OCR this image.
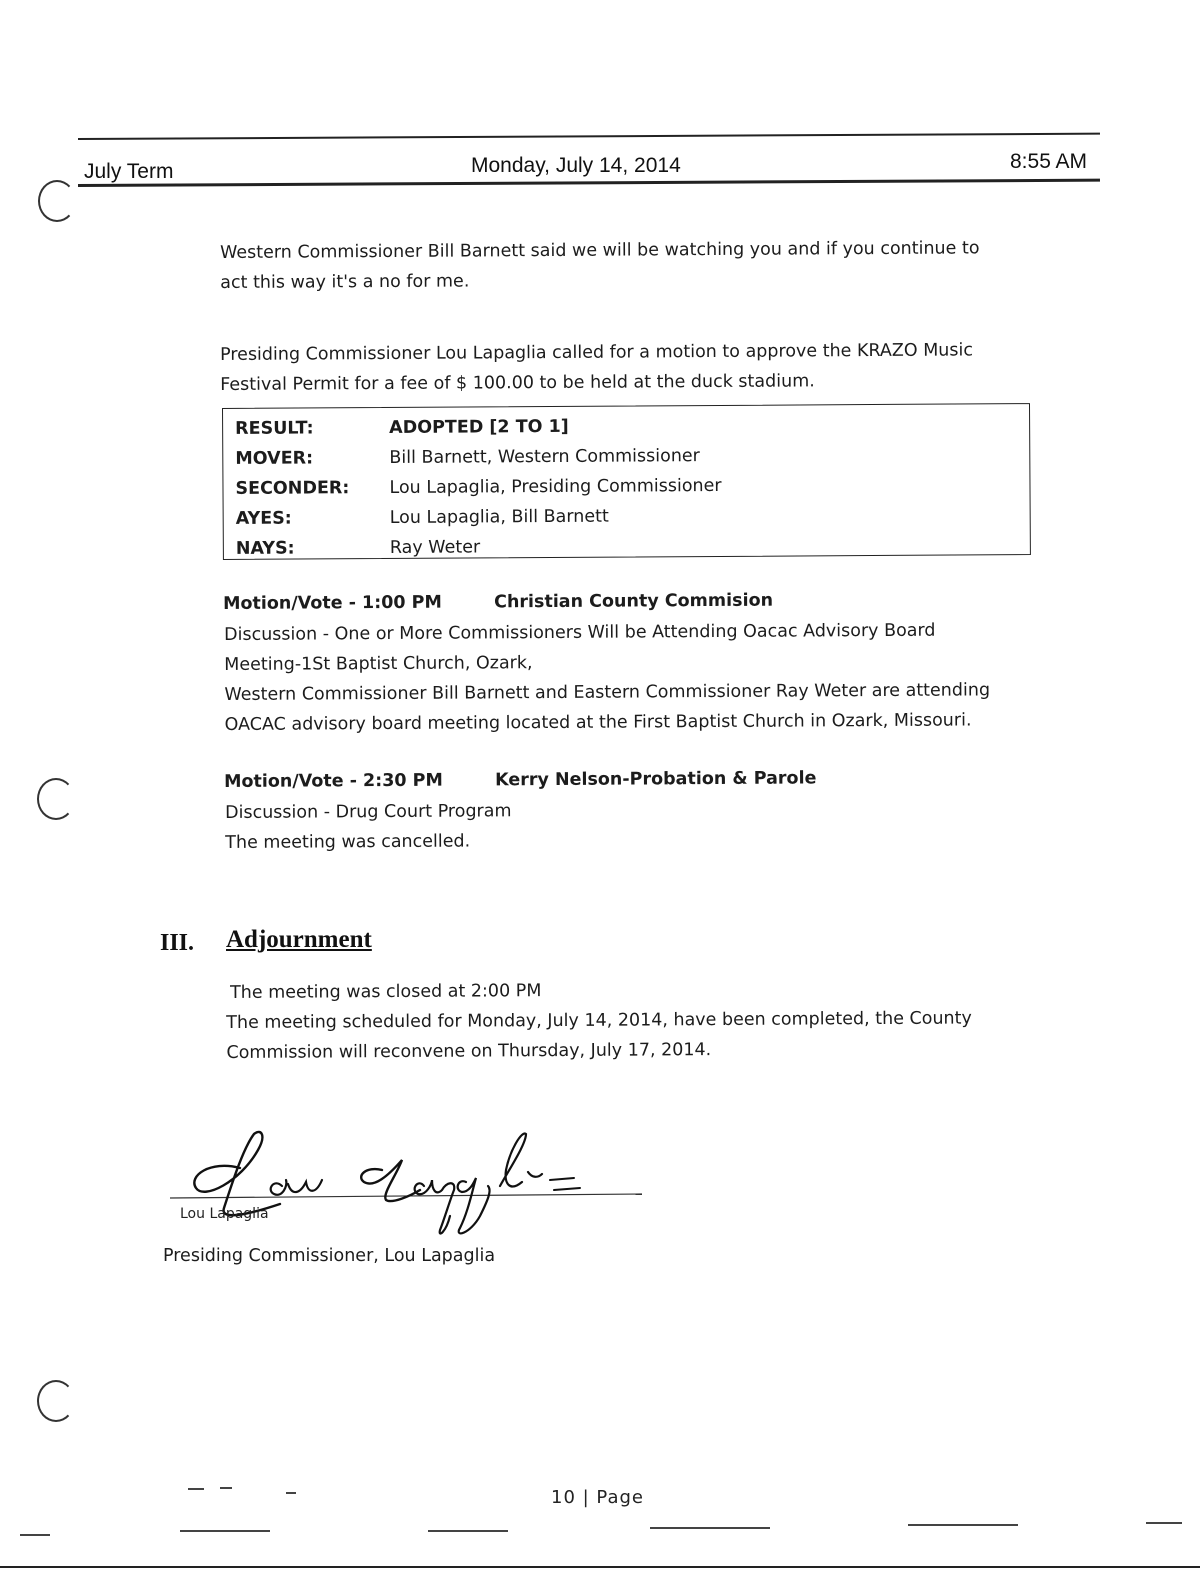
July Term	Monday, July 14, 2014	8:55 AM
Western Commissioner Bill Barnett said we will be watching you and if you continue to
act this way it's a no for me.
Presiding Commissioner Lou Lapaglia called for a motion to approve the KRAZO Music
Festival Permit for a fee of $ 100.00 to be held at the duck stadium.
RESULT:	ADOPTED [2 TO 1]
MOVER:	Bill Barnett, Western Commissioner
SECONDER:	Lou Lapaglia, Presiding Commissioner
AYES:	Lou Lapaglia, Bill Barnett
NAYS:	Ray Weter
Motion/Vote - 1:00 PM	Christian County Commision
Discussion - One or More Commissioners Will be Attending Oacac Advisory Board
Meeting-1St Baptist Church, Ozark,
Western Commissioner Bill Barnett and Eastern Commissioner Ray Weter are attending
OACAC advisory board meeting located at the First Baptist Church in Ozark, Missouri.
Motion/Vote - 2:30 PM	Kerry Nelson-Probation & Parole
Discussion - Drug Court Program
The meeting was cancelled.
III. Adjournment
The meeting was closed at 2:00 PM
The meeting scheduled for Monday, July 14, 2014, have been completed, the County
Commission will reconvene on Thursday, July 17, 2014.
Lou Lapaglia
Presiding Commissioner, Lou Lapaglia
10 | Page
